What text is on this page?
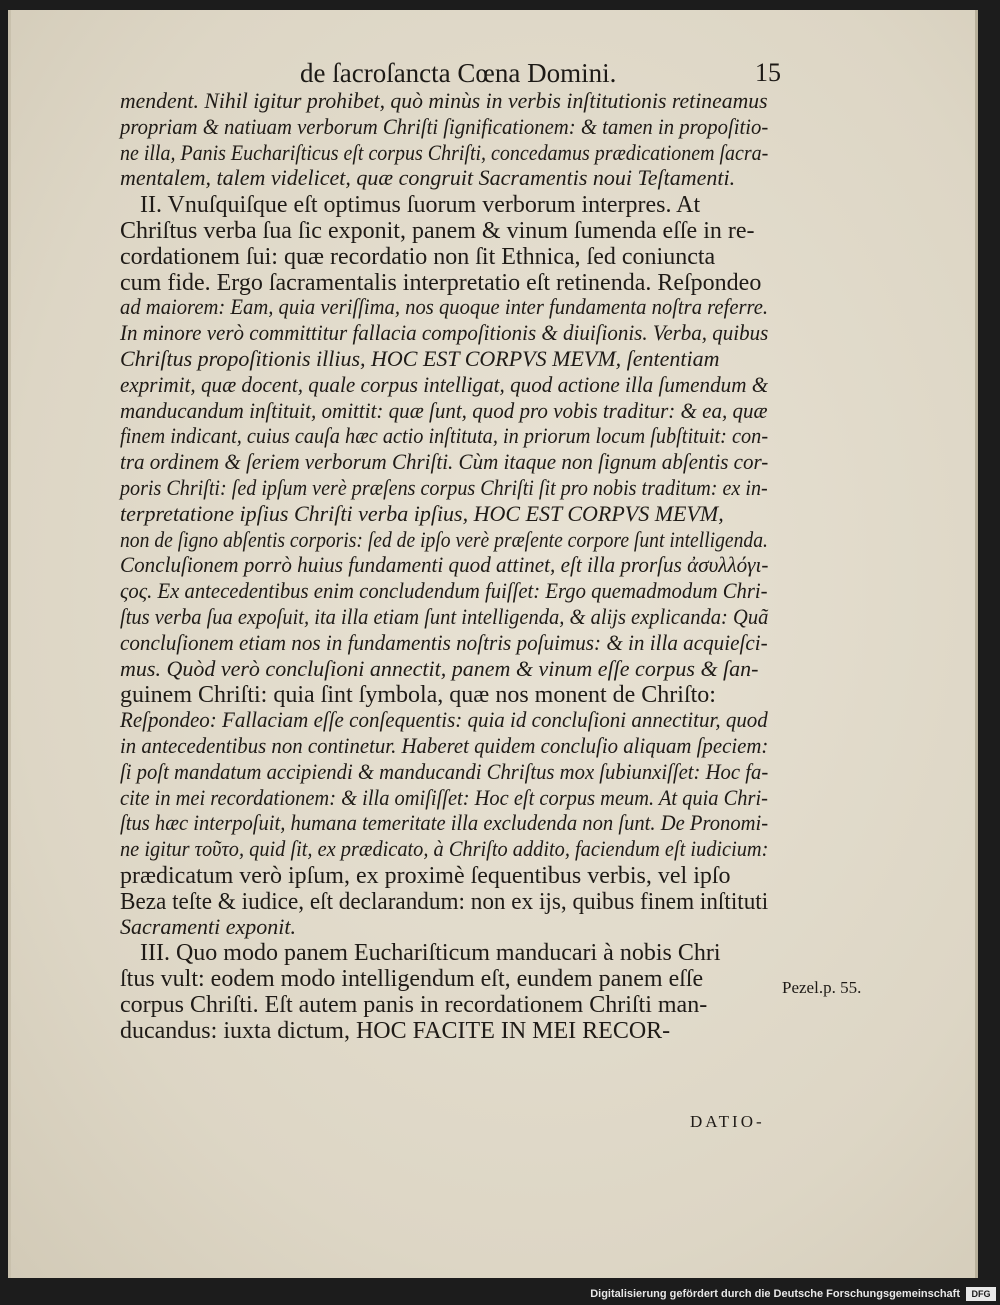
de ſacroſancta Cœna Domini.	15
mendent. Nihil igitur prohibet, quò minùs in verbis inſtitutionis retineamus
propriam & natiuam verborum Chriſti ſignificationem: & tamen in propoſitio-
ne illa, Panis Euchariſticus eſt corpus Chriſti, concedamus prædicationem ſacra-
mentalem, talem videlicet, quæ congruit Sacramentis noui Teſtamenti.
II. Vnuſquiſque eſt optimus ſuorum verborum interpres. At
Chriſtus verba ſua ſic exponit, panem & vinum ſumenda eſſe in re-
cordationem ſui: quæ recordatio non ſit Ethnica, ſed coniuncta
cum fide. Ergo ſacramentalis interpretatio eſt retinenda. Reſpondeo
ad maiorem: Eam, quia veriſſima, nos quoque inter fundamenta noſtra referre.
In minore verò committitur fallacia compoſitionis & diuiſionis. Verba, quibus
Chriſtus propoſitionis illius, HOC EST CORPVS MEVM, ſententiam
exprimit, quæ docent, quale corpus intelligat, quod actione illa ſumendum &
manducandum inſtituit, omittit: quæ ſunt, quod pro vobis traditur: & ea, quæ
finem indicant, cuius cauſa hæc actio inſtituta, in priorum locum ſubſtituit: con-
tra ordinem & ſeriem verborum Chriſti. Cùm itaque non ſignum abſentis cor-
poris Chriſti: ſed ipſum verè præſens corpus Chriſti ſit pro nobis traditum: ex in-
terpretatione ipſius Chriſti verba ipſius, HOC EST CORPVS MEVM,
non de ſigno abſentis corporis: ſed de ipſo verè præſente corpore ſunt intelligenda.
Concluſionem porrò huius fundamenti quod attinet, eſt illa prorſus ἀσυλλόγι-
ςος. Ex antecedentibus enim concludendum fuiſſet: Ergo quemadmodum Chri-
ſtus verba ſua expoſuit, ita illa etiam ſunt intelligenda, & alijs explicanda: Quã
concluſionem etiam nos in fundamentis noſtris poſuimus: & in illa acquieſci-
mus. Quòd verò concluſioni annectit, panem & vinum eſſe corpus & ſan-
guinem Chriſti: quia ſint ſymbola, quæ nos monent de Chriſto:
Reſpondeo: Fallaciam eſſe conſequentis: quia id concluſioni annectitur, quod
in antecedentibus non continetur. Haberet quidem concluſio aliquam ſpeciem:
ſi poſt mandatum accipiendi & manducandi Chriſtus mox ſubiunxiſſet: Hoc fa-
cite in mei recordationem: & illa omiſiſſet: Hoc eſt corpus meum. At quia Chri-
ſtus hæc interpoſuit, humana temeritate illa excludenda non ſunt. De Pronomi-
ne igitur τοῦτο, quid ſit, ex prædicato, à Chriſto addito, faciendum eſt iudicium:
prædicatum verò ipſum, ex proximè ſequentibus verbis, vel ipſo
Beza teſte & iudice, eſt declarandum: non ex ijs, quibus finem inſtituti
Sacramenti exponit.
III. Quo modo panem Euchariſticum manducari à nobis Chri
ſtus vult: eodem modo intelligendum eſt, eundem panem eſſe
corpus Chriſti. Eſt autem panis in recordationem Chriſti man-
ducandus: iuxta dictum, HOC FACITE IN MEI RECOR-
Pezel.p. 55.
DATIO-
Digitalisierung gefördert durch die Deutsche Forschungsgemeinschaft	DFG
